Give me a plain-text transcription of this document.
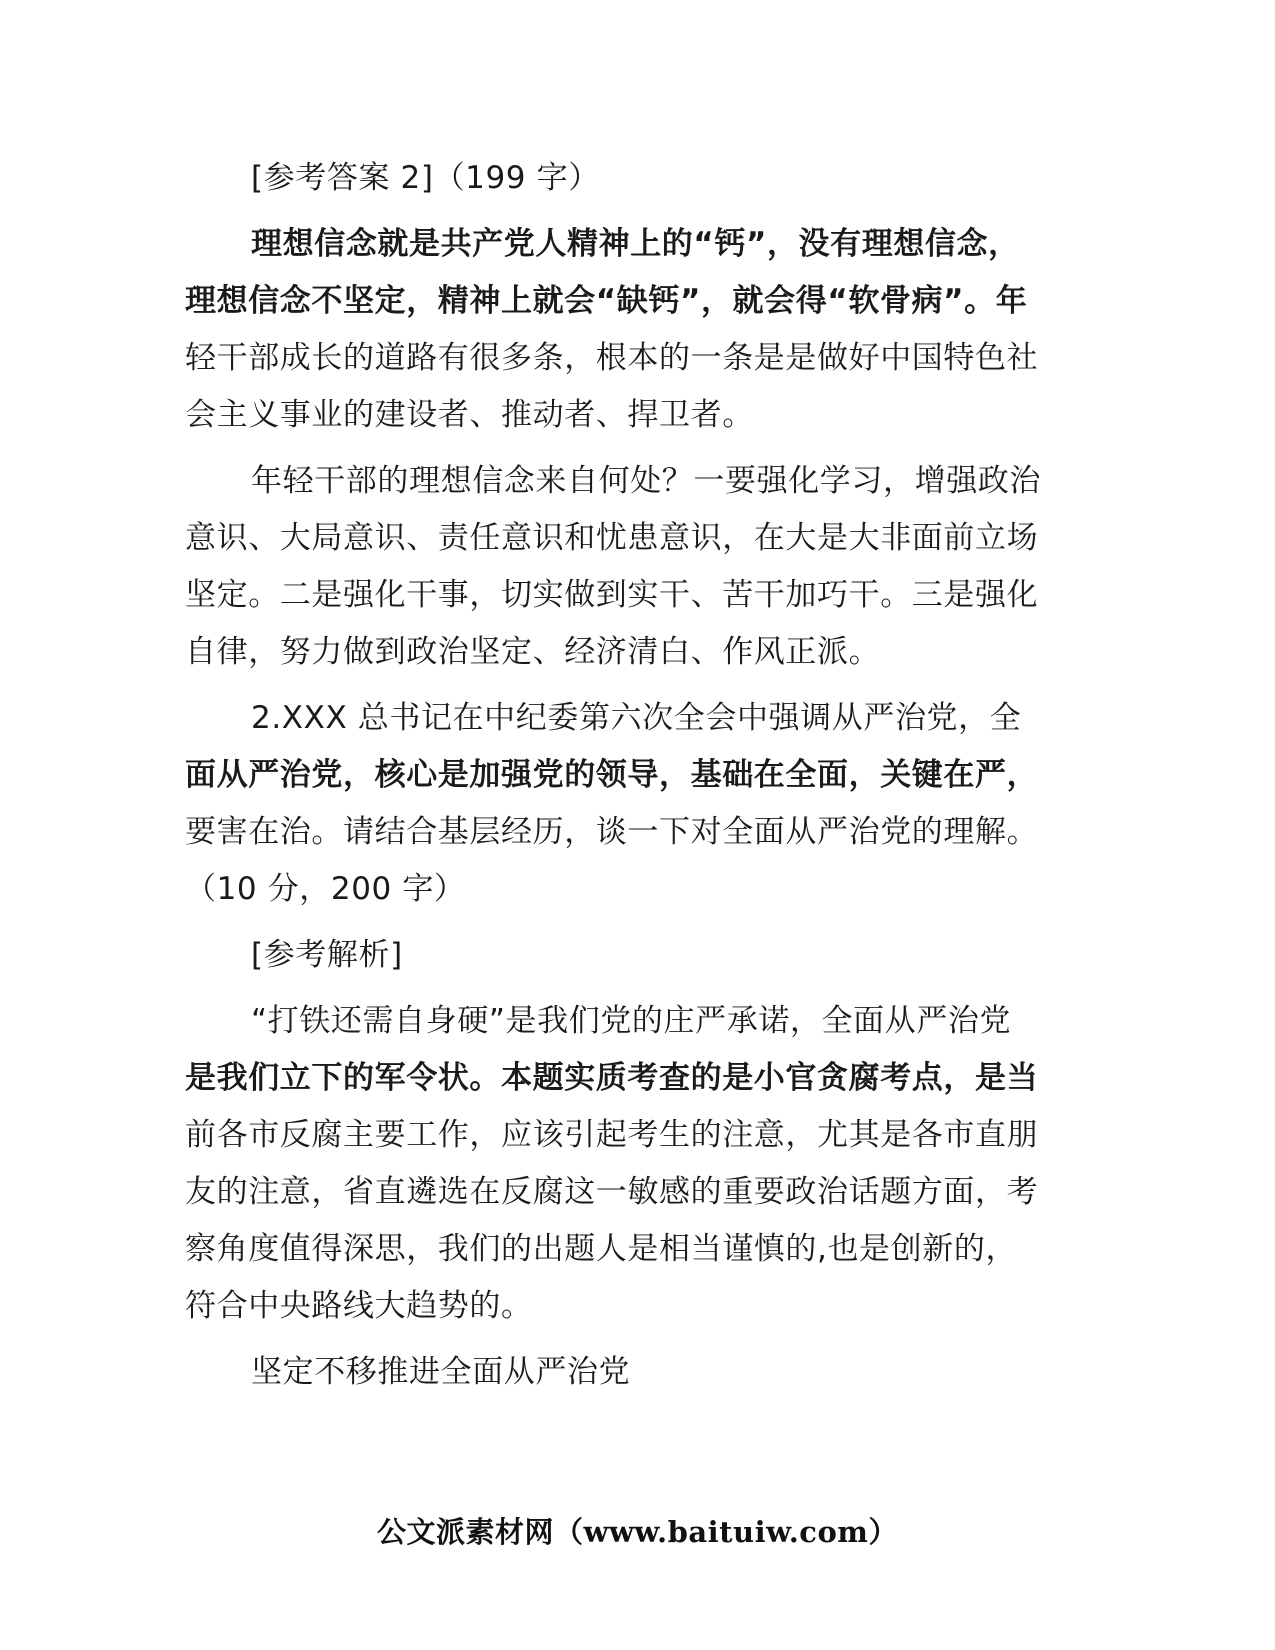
[参考答案 2]（199 字）

理想信念就是共产党人精神上的“钙”，没有理想信念，
理想信念不坚定，精神上就会“缺钙”，就会得“软骨病”。年
轻干部成长的道路有很多条，根本的一条是是做好中国特色社
会主义事业的建设者、推动者、捍卫者。

年轻干部的理想信念来自何处？一要强化学习，增强政治
意识、大局意识、责任意识和忧患意识，在大是大非面前立场
坚定。二是强化干事，切实做到实干、苦干加巧干。三是强化
自律，努力做到政治坚定、经济清白、作风正派。

2.XXX 总书记在中纪委第六次全会中强调从严治党，全
面从严治党，核心是加强党的领导，基础在全面，关键在严，
要害在治。请结合基层经历，谈一下对全面从严治党的理解。
（10 分，200 字）

[参考解析]

“打铁还需自身硬”是我们党的庄严承诺，全面从严治党
是我们立下的军令状。本题实质考查的是小官贪腐考点，是当
前各市反腐主要工作，应该引起考生的注意，尤其是各市直朋
友的注意，省直遴选在反腐这一敏感的重要政治话题方面，考
察角度值得深思，我们的出题人是相当谨慎的,也是创新的，
符合中央路线大趋势的。

坚定不移推进全面从严治党

公文派素材网（www.baituiw.com）
